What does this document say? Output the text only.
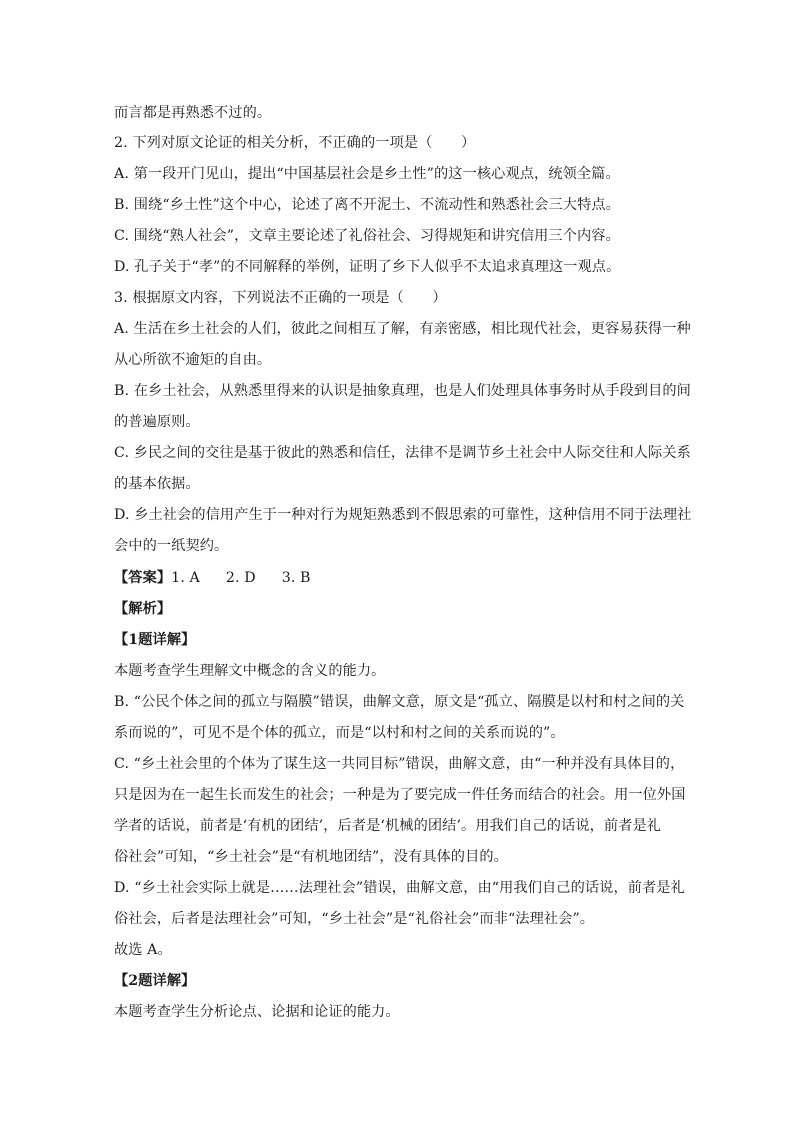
而言都是再熟悉不过的。
2. 下列对原文论证的相关分析，不正确的一项是（　　）
A. 第一段开门见山，提出“中国基层社会是乡土性”的这一核心观点，统领全篇。
B. 围绕“乡土性”这个中心，论述了离不开泥土、不流动性和熟悉社会三大特点。
C. 围绕“熟人社会”，文章主要论述了礼俗社会、习得规矩和讲究信用三个内容。
D. 孔子关于“孝”的不同解释的举例，证明了乡下人似乎不太追求真理这一观点。
3. 根据原文内容，下列说法不正确的一项是（　　）
A. 生活在乡土社会的人们，彼此之间相互了解，有亲密感，相比现代社会，更容易获得一种
从心所欲不逾矩的自由。
B. 在乡土社会，从熟悉里得来的认识是抽象真理，也是人们处理具体事务时从手段到目的间
的普遍原则。
C. 乡民之间的交往是基于彼此的熟悉和信任，法律不是调节乡土社会中人际交往和人际关系
的基本依据。
D. 乡土社会的信用产生于一种对行为规矩熟悉到不假思索的可靠性，这种信用不同于法理社
会中的一纸契约。
【答案】1. A 2. D 3. B
【解析】
【1题详解】
本题考查学生理解文中概念的含义的能力。
B. “公民个体之间的孤立与隔膜”错误，曲解文意，原文是“孤立、隔膜是以村和村之间的关
系而说的”，可见不是个体的孤立，而是“以村和村之间的关系而说的”。
C. “乡土社会里的个体为了谋生这一共同目标”错误，曲解文意，由“一种并没有具体目的，
只是因为在一起生长而发生的社会；一种是为了要完成一件任务而结合的社会。用一位外国
学者的话说，前者是‘有机的团结’，后者是‘机械的团结’。用我们自己的话说，前者是礼
俗社会”可知，“乡土社会”是“有机地团结”，没有具体的目的。
D. “乡土社会实际上就是……法理社会”错误，曲解文意，由“用我们自己的话说，前者是礼
俗社会，后者是法理社会”可知，“乡土社会”是“礼俗社会”而非“法理社会”。
故选 A。
【2题详解】
本题考查学生分析论点、论据和论证的能力。
